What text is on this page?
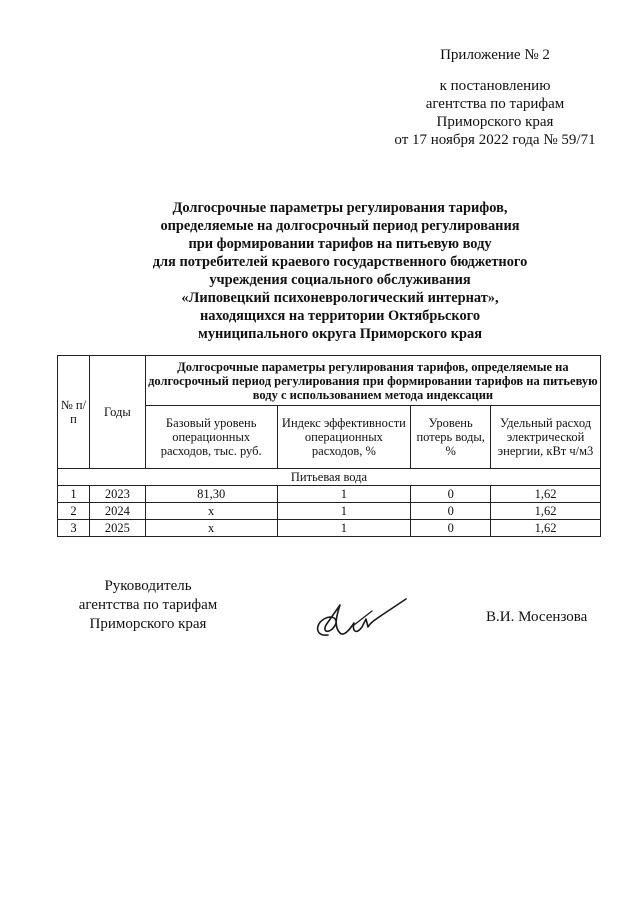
Приложение № 2
к постановлению
агентства по тарифам
Приморского края
от 17 ноября 2022 года № 59/71
Долгосрочные параметры регулирования тарифов,
определяемые на долгосрочный период регулирования
при формировании тарифов на питьевую воду
для потребителей краевого государственного бюджетного
учреждения социального обслуживания
«Липовецкий психоневрологический интернат»,
находящихся на территории Октябрьского
муниципального округа Приморского края
№ п/п	Годы	Долгосрочные параметры регулирования тарифов, определяемые на долгосрочный период регулирования при формировании тарифов на питьевую воду с использованием метода индексации			
		Базовый уровень операционных расходов, тыс. руб.	Индекс эффективности операционных расходов, %	Уровень потерь воды, %	Удельный расход электрической энергии, кВт ч/м3
Питьевая вода					
1	2023	81,30	1	0	1,62
2	2024	х	1	0	1,62
3	2025	х	1	0	1,62
Руководитель
агентства по тарифам
Приморского края	В.И. Мосензова
